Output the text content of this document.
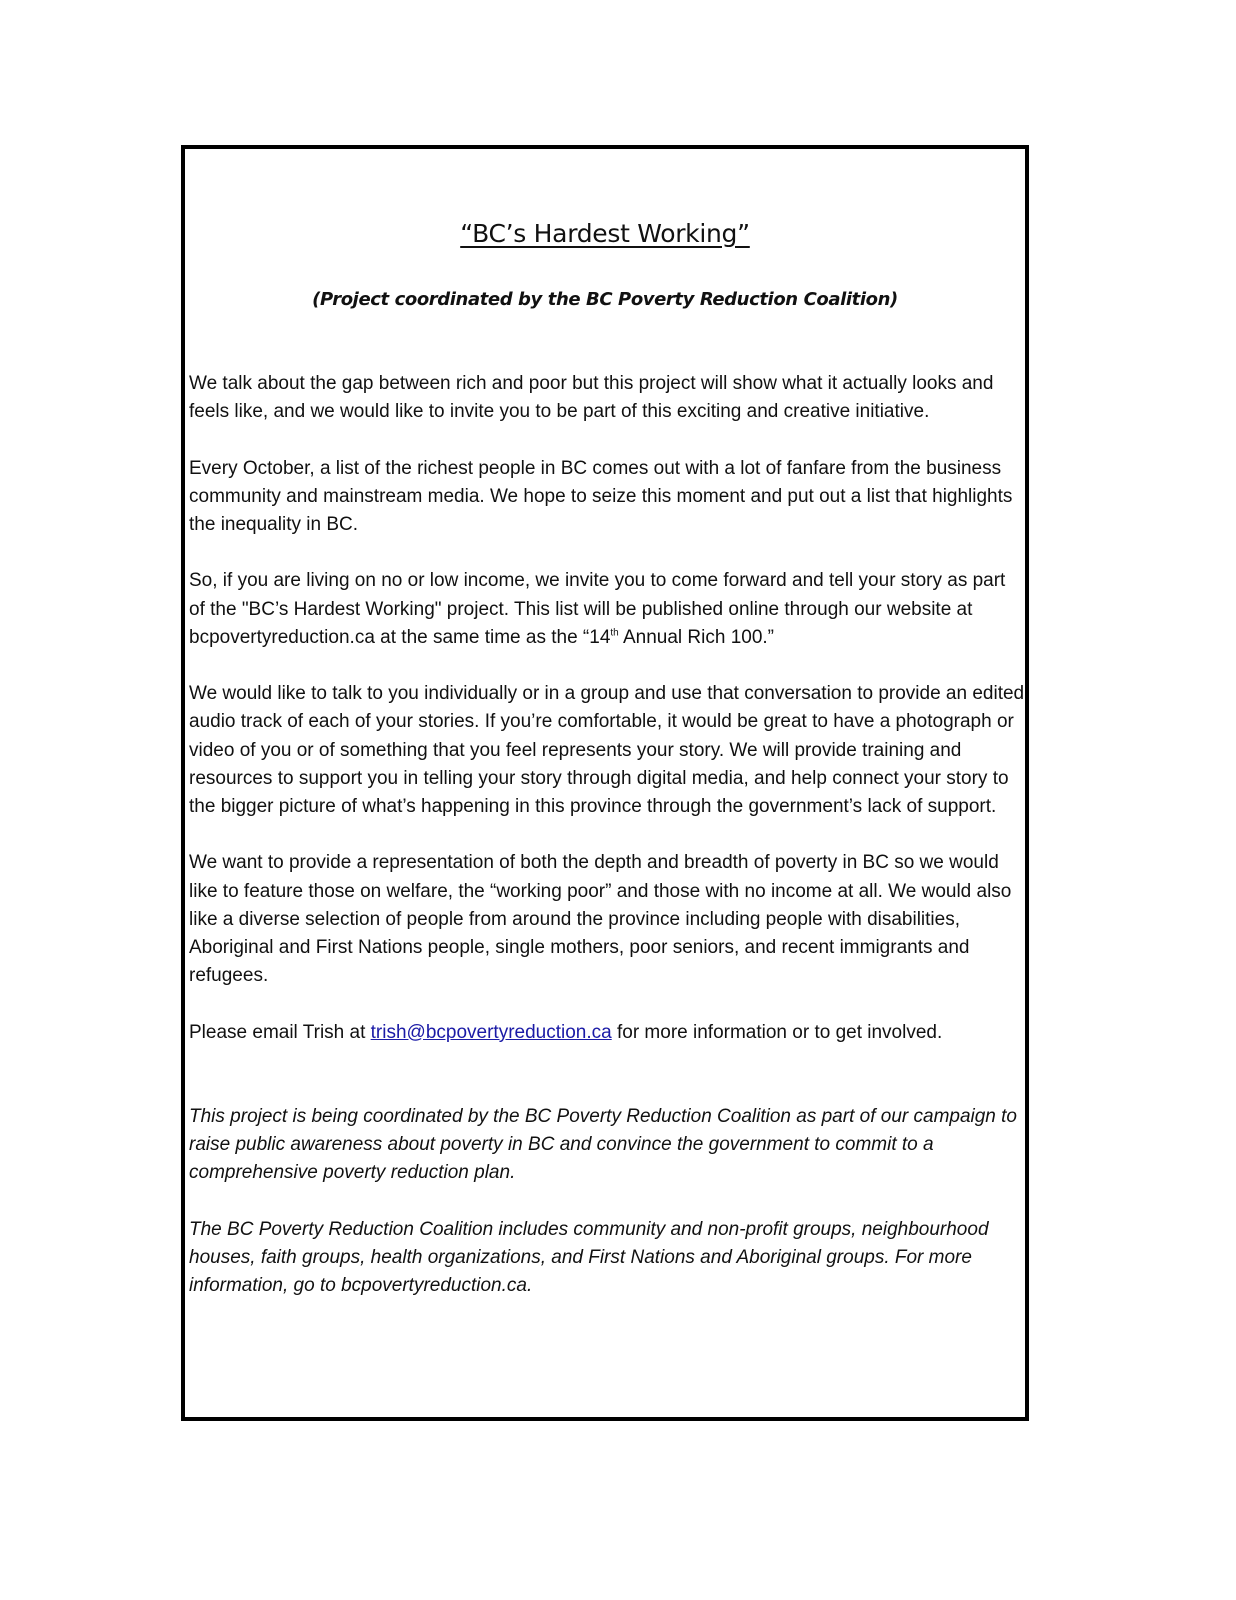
“BC’s Hardest Working”
(Project coordinated by the BC Poverty Reduction Coalition)

We talk about the gap between rich and poor but this project will show what it actually looks and feels like, and we would like to invite you to be part of this exciting and creative initiative.

Every October, a list of the richest people in BC comes out with a lot of fanfare from the business community and mainstream media. We hope to seize this moment and put out a list that highlights the inequality in BC.

So, if you are living on no or low income, we invite you to come forward and tell your story as part of the "BC’s Hardest Working" project. This list will be published online through our website at bcpovertyreduction.ca at the same time as the “14th Annual Rich 100.”

We would like to talk to you individually or in a group and use that conversation to provide an edited audio track of each of your stories. If you’re comfortable, it would be great to have a photograph or video of you or of something that you feel represents your story. We will provide training and resources to support you in telling your story through digital media, and help connect your story to the bigger picture of what’s happening in this province through the government’s lack of support.

We want to provide a representation of both the depth and breadth of poverty in BC so we would like to feature those on welfare, the “working poor” and those with no income at all. We would also like a diverse selection of people from around the province including people with disabilities, Aboriginal and First Nations people, single mothers, poor seniors, and recent immigrants and refugees.

Please email Trish at trish@bcpovertyreduction.ca for more information or to get involved.

This project is being coordinated by the BC Poverty Reduction Coalition as part of our campaign to raise public awareness about poverty in BC and convince the government to commit to a comprehensive poverty reduction plan.

The BC Poverty Reduction Coalition includes community and non-profit groups, neighbourhood houses, faith groups, health organizations, and First Nations and Aboriginal groups. For more information, go to bcpovertyreduction.ca.
